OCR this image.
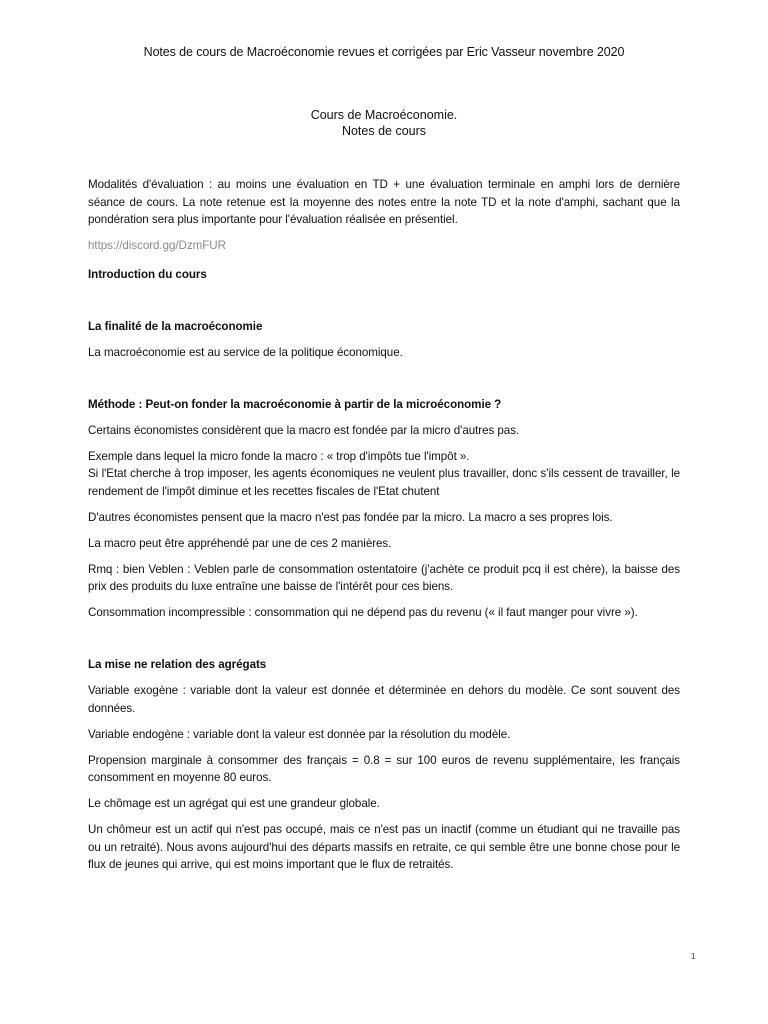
Notes de cours de Macroéconomie revues et corrigées par Eric Vasseur novembre 2020
Cours de Macroéconomie.
Notes de cours

Modalités d'évaluation : au moins une évaluation en TD + une évaluation terminale en amphi lors de dernière séance de cours. La note retenue est la moyenne des notes entre la note TD et la note d'amphi, sachant que la pondération sera plus importante pour l'évaluation réalisée en présentiel.

https://discord.gg/DzmFUR

Introduction du cours
La finalité de la macroéconomie

La macroéconomie est au service de la politique économique.

Méthode : Peut-on fonder la macroéconomie à partir de la microéconomie ?

Certains économistes considèrent que la macro est fondée par la micro d'autres pas.

Exemple dans lequel la micro fonde la macro : « trop d'impôts tue l'impôt ».

Si l'Etat cherche à trop imposer, les agents économiques ne veulent plus travailler, donc s'ils cessent de travailler, le rendement de l'impôt diminue et les recettes fiscales de l'Etat chutent

D'autres économistes pensent que la macro n'est pas fondée par la micro. La macro a ses propres lois.

La macro peut être appréhendé par une de ces 2 manières.

Rmq : bien Veblen : Veblen parle de consommation ostentatoire (j'achète ce produit pcq il est chère), la baisse des prix des produits du luxe entraîne une baisse de l'intérêt pour ces biens.

Consommation incompressible : consommation qui ne dépend pas du revenu (« il faut manger pour vivre »).

La mise ne relation des agrégats

Variable exogène : variable dont la valeur est donnée et déterminée en dehors du modèle. Ce sont souvent des données.

Variable endogène : variable dont la valeur est donnée par la résolution du modèle.

Propension marginale à consommer des français = 0.8 = sur 100 euros de revenu supplémentaire, les français consomment en moyenne 80 euros.

Le chômage est un agrégat qui est une grandeur globale.

Un chômeur est un actif qui n'est pas occupé, mais ce n'est pas un inactif (comme un étudiant qui ne travaille pas ou un retraité). Nous avons aujourd'hui des départs massifs en retraite, ce qui semble être une bonne chose pour le flux de jeunes qui arrive, qui est moins important que le flux de retraités.

1
